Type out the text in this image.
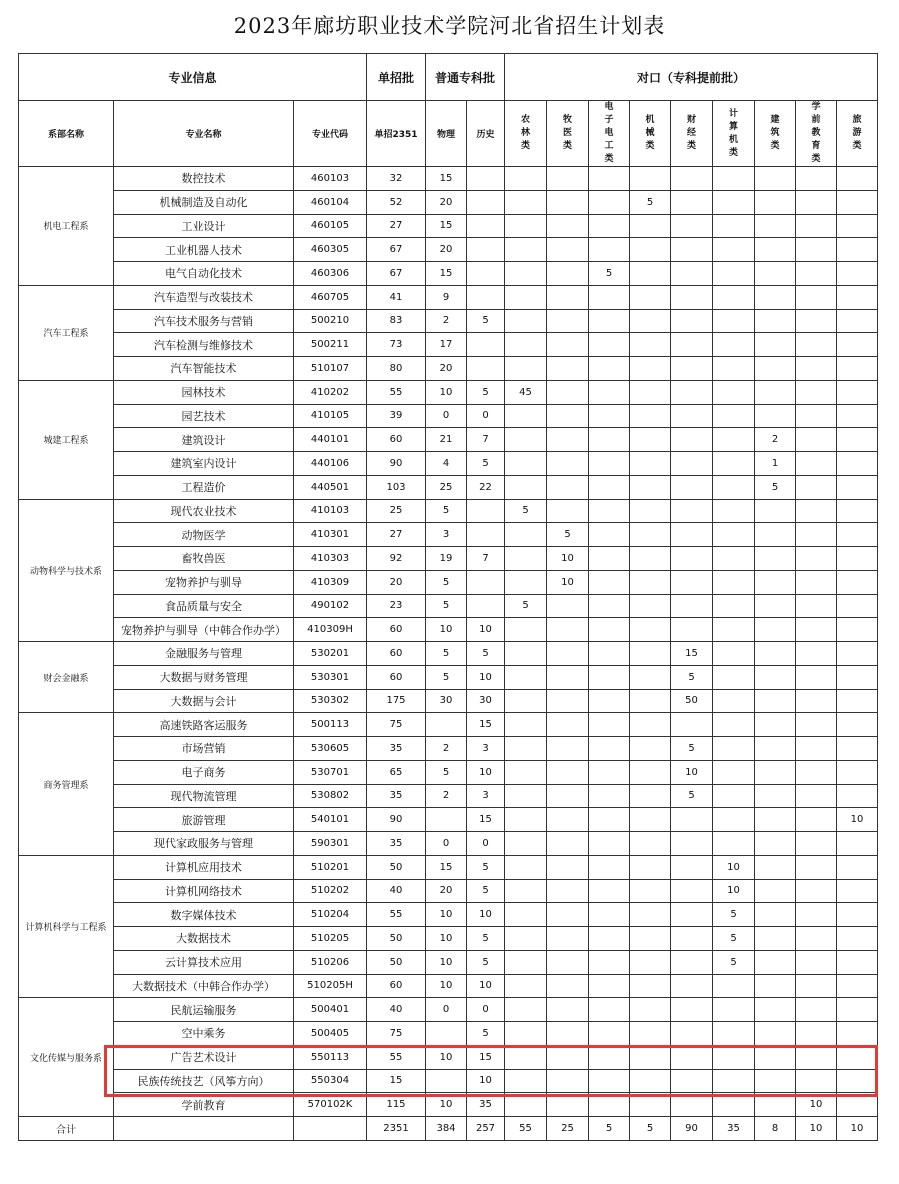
2023年廊坊职业技术学院河北省招生计划表
专业信息			单招批	普通专科批		对口（专科提前批）								
系部名称	专业名称	专业代码	单招2351	物理	历史	农林类	牧医类	电子电工类	机械类	财经类	计算机类	建筑类	学前教育类	旅游类
机电工程系	数控技术	460103	32	15										
	机械制造及自动化	460104	52	20					5					
	工业设计	460105	27	15										
	工业机器人技术	460305	67	20										
	电气自动化技术	460306	67	15				5						
汽车工程系	汽车造型与改装技术	460705	41	9										
	汽车技术服务与营销	500210	83	2	5									
	汽车检测与维修技术	500211	73	17										
	汽车智能技术	510107	80	20										
城建工程系	园林技术	410202	55	10	5	45								
	园艺技术	410105	39	0	0									
	建筑设计	440101	60	21	7							2		
	建筑室内设计	440106	90	4	5							1		
	工程造价	440501	103	25	22							5		
动物科学与技术系	现代农业技术	410103	25	5		5								
	动物医学	410301	27	3			5							
	畜牧兽医	410303	92	19	7		10							
	宠物养护与驯导	410309	20	5			10							
	食品质量与安全	490102	23	5		5								
	宠物养护与驯导（中韩合作办学）	410309H	60	10	10									
财会金融系	金融服务与管理	530201	60	5	5					15				
	大数据与财务管理	530301	60	5	10					5				
	大数据与会计	530302	175	30	30					50				
商务管理系	高速铁路客运服务	500113	75		15									
	市场营销	530605	35	2	3					5				
	电子商务	530701	65	5	10					10				
	现代物流管理	530802	35	2	3					5				
	旅游管理	540101	90		15									10
	现代家政服务与管理	590301	35	0	0									
计算机科学与工程系	计算机应用技术	510201	50	15	5						10			
	计算机网络技术	510202	40	20	5						10			
	数字媒体技术	510204	55	10	10						5			
	大数据技术	510205	50	10	5						5			
	云计算技术应用	510206	50	10	5						5			
	大数据技术（中韩合作办学）	510205H	60	10	10									
文化传媒与服务系	民航运输服务	500401	40	0	0									
	空中乘务	500405	75		5									
	广告艺术设计	550113	55	10	15									
	民族传统技艺（风筝方向）	550304	15		10									
	学前教育	570102K	115	10	35								10	
合计			2351	384	257	55	25	5	5	90	35	8	10	10
